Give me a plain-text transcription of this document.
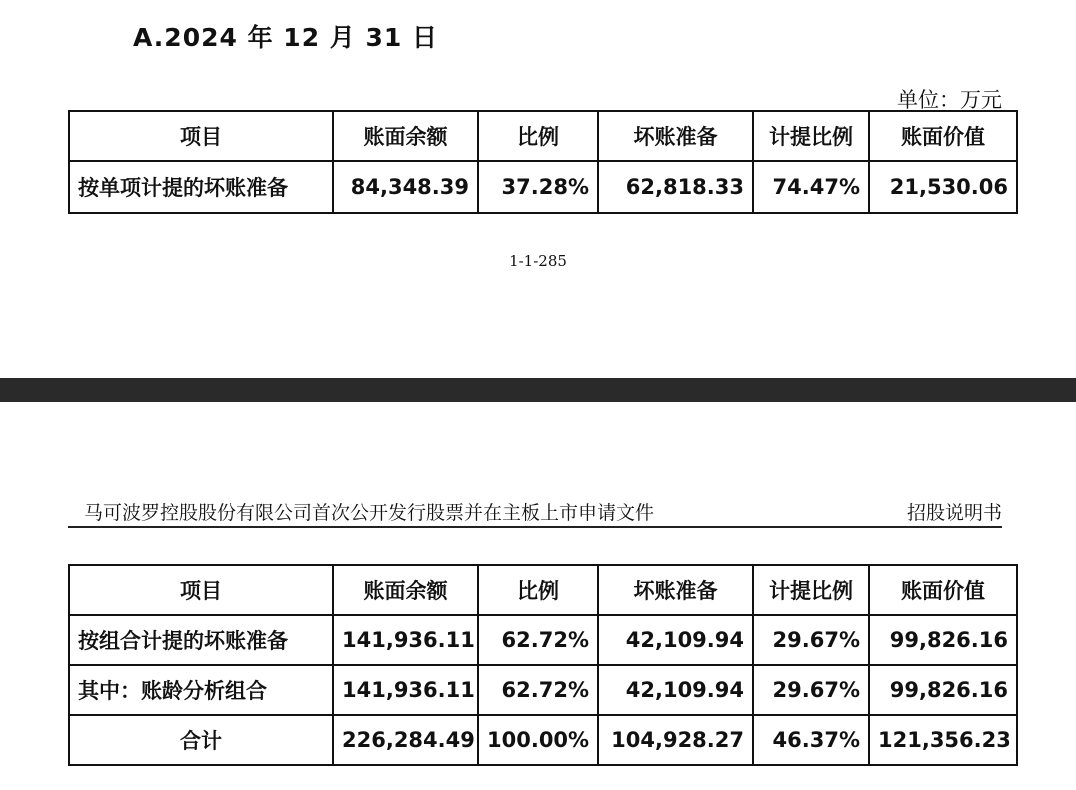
A.2024 年 12 月 31 日
单位：万元
项目	账面余额	比例	坏账准备	计提比例	账面价值
按单项计提的坏账准备	84,348.39	37.28%	62,818.33	74.47%	21,530.06
1-1-285
马可波罗控股股份有限公司首次公开发行股票并在主板上市申请文件	招股说明书
项目	账面余额	比例	坏账准备	计提比例	账面价值
按组合计提的坏账准备	141,936.11	62.72%	42,109.94	29.67%	99,826.16
其中：账龄分析组合	141,936.11	62.72%	42,109.94	29.67%	99,826.16
合计	226,284.49	100.00%	104,928.27	46.37%	121,356.23
